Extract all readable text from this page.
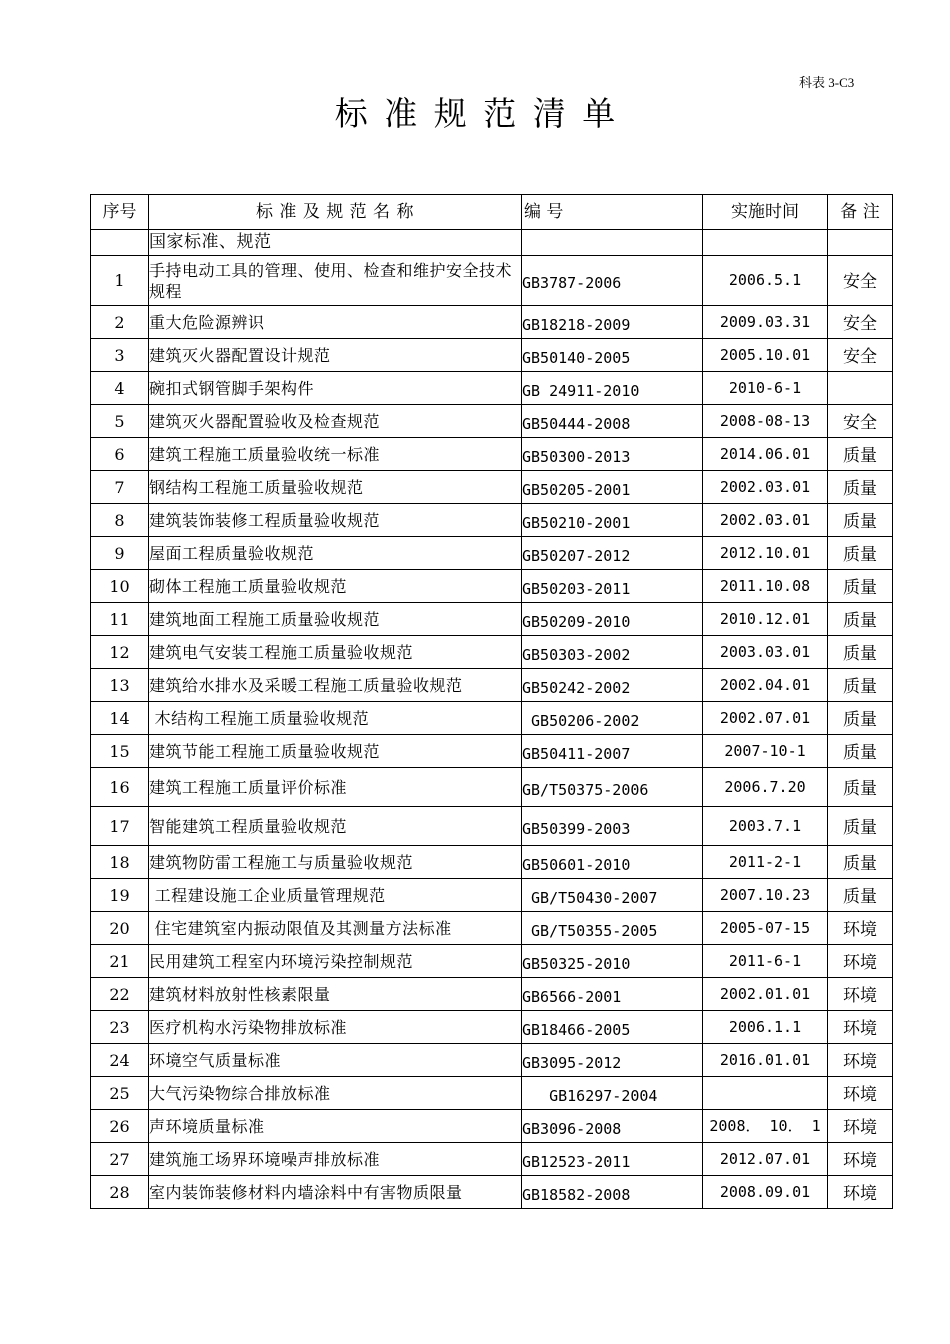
科表 3-C3
标准规范清单
序号	标 准 及 规 范 名 称	编 号	实施时间	备 注
	国家标准、规范			
1	手持电动工具的管理、使用、检查和维护安全技术规程	GB3787-2006	2006.5.1	安全
2	重大危险源辨识	GB18218-2009	2009.03.31	安全
3	建筑灭火器配置设计规范	GB50140-2005	2005.10.01	安全
4	碗扣式钢管脚手架构件	GB 24911-2010	2010-6-1	
5	建筑灭火器配置验收及检查规范	GB50444-2008	2008-08-13	安全
6	建筑工程施工质量验收统一标准	GB50300-2013	2014.06.01	质量
7	钢结构工程施工质量验收规范	GB50205-2001	2002.03.01	质量
8	建筑装饰装修工程质量验收规范	GB50210-2001	2002.03.01	质量
9	屋面工程质量验收规范	GB50207-2012	2012.10.01	质量
10	砌体工程施工质量验收规范	GB50203-2011	2011.10.08	质量
11	建筑地面工程施工质量验收规范	GB50209-2010	2010.12.01	质量
12	建筑电气安装工程施工质量验收规范	GB50303-2002	2003.03.01	质量
13	建筑给水排水及采暖工程施工质量验收规范	GB50242-2002	2002.04.01	质量
14	木结构工程施工质量验收规范	GB50206-2002	2002.07.01	质量
15	建筑节能工程施工质量验收规范	GB50411-2007	2007-10-1	质量
16	建筑工程施工质量评价标准	GB/T50375-2006	2006.7.20	质量
17	智能建筑工程质量验收规范	GB50399-2003	2003.7.1	质量
18	建筑物防雷工程施工与质量验收规范	GB50601-2010	2011-2-1	质量
19	工程建设施工企业质量管理规范	GB/T50430-2007	2007.10.23	质量
20	住宅建筑室内振动限值及其测量方法标准	GB/T50355-2005	2005-07-15	环境
21	民用建筑工程室内环境污染控制规范	GB50325-2010	2011-6-1	环境
22	建筑材料放射性核素限量	GB6566-2001	2002.01.01	环境
23	医疗机构水污染物排放标准	GB18466-2005	2006.1.1	环境
24	环境空气质量标准	GB3095-2012	2016.01.01	环境
25	大气污染物综合排放标准	GB16297-2004		环境
26	声环境质量标准	GB3096-2008	2008． 10． 1	环境
27	建筑施工场界环境噪声排放标准	GB12523-2011	2012.07.01	环境
28	室内装饰装修材料内墙涂料中有害物质限量	GB18582-2008	2008.09.01	环境
